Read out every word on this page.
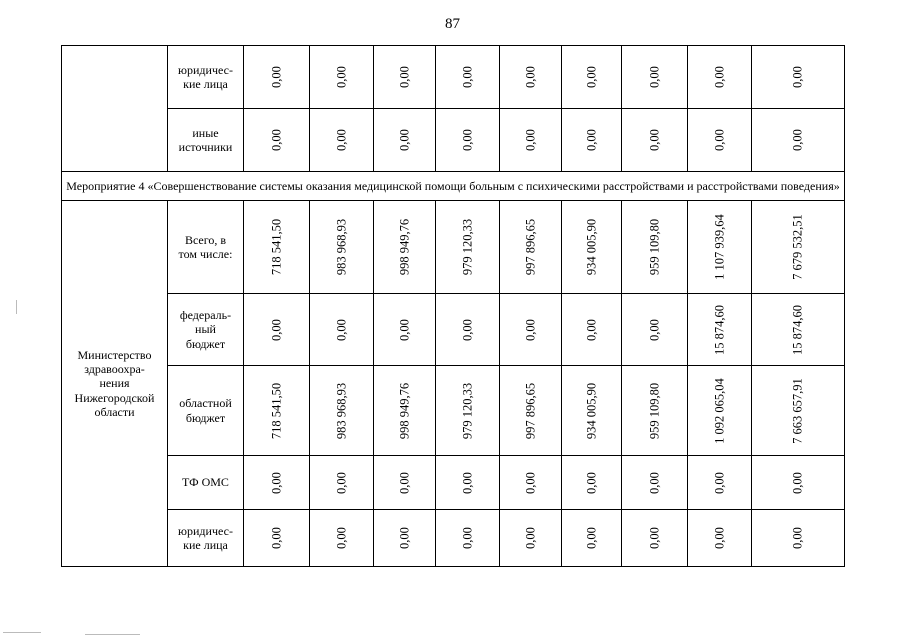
87
	юридичес-
кие лица	0,00	0,00	0,00	0,00	0,00	0,00	0,00	0,00	0,00

	иные
источники	0,00	0,00	0,00	0,00	0,00	0,00	0,00	0,00	0,00

Мероприятие 4 «Совершенствование системы оказания медицинской помощи больным с психическими расстройствами и расстройствами поведения»										
Министерство
здравоохра-
нения
Нижегородской
области	Всего, в
том числе:	718 541,50	983 968,93	998 949,76	979 120,33	997 896,65	934 005,90	959 109,80	1 107 939,64	7 679 532,51

	федераль-
ный
бюджет	0,00	0,00	0,00	0,00	0,00	0,00	0,00	15 874,60	15 874,60

	областной
бюджет	718 541,50	983 968,93	998 949,76	979 120,33	997 896,65	934 005,90	959 109,80	1 092 065,04	7 663 657,91

	ТФ ОМС	0,00	0,00	0,00	0,00	0,00	0,00	0,00	0,00	0,00

	юридичес-
кие лица	0,00	0,00	0,00	0,00	0,00	0,00	0,00	0,00	0,00
